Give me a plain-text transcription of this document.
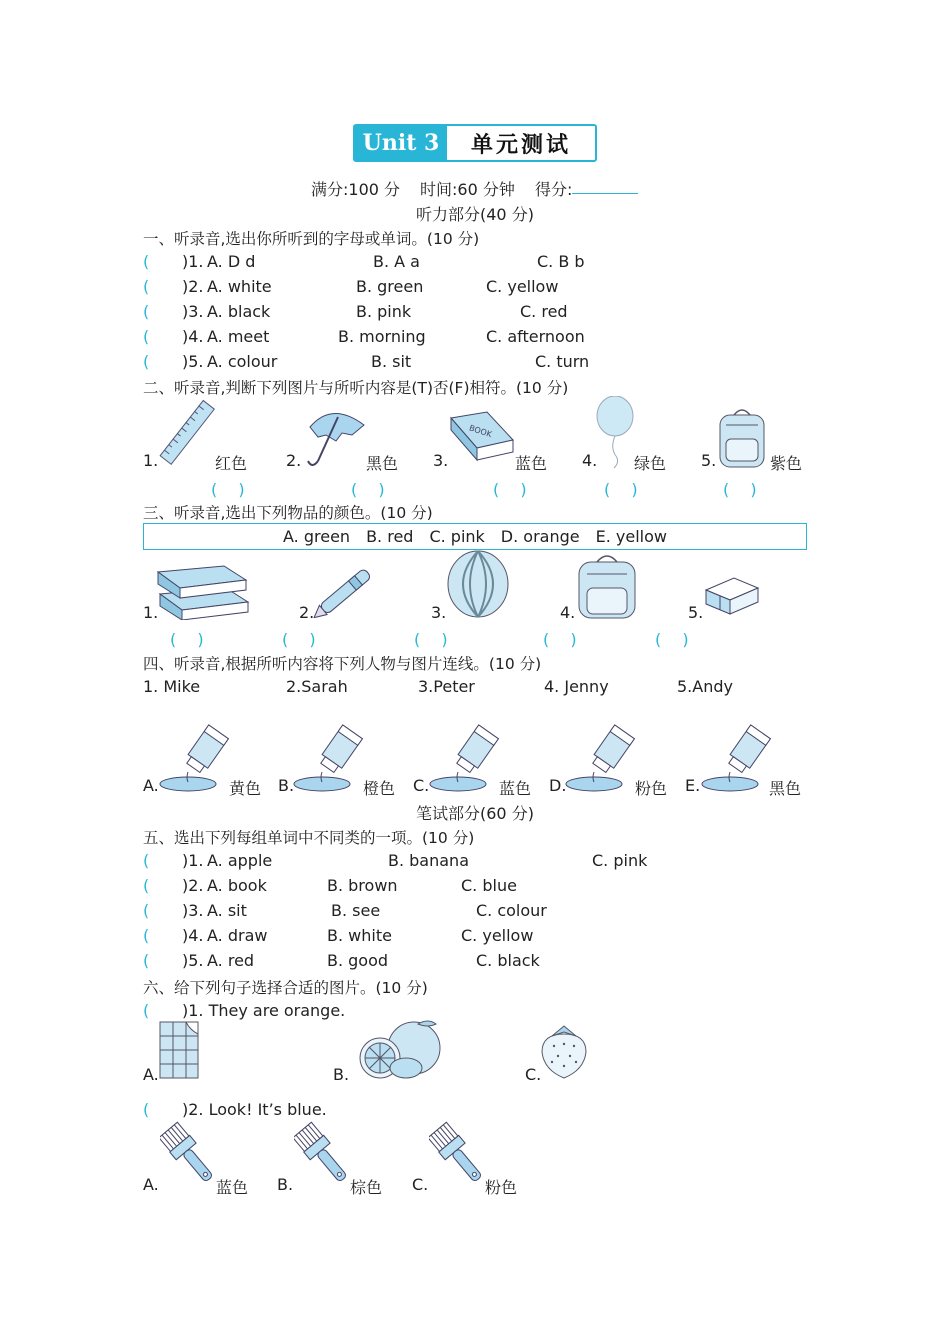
Unit 3	单元测试
满分:100 分 时间:60 分钟 得分:
听力部分(40 分)
一、听录音,选出你所听到的字母或单词。(10 分)
( )1. A. D d	B. A a	C. B b
( )2. A. white	B. green	C. yellow
( )3. A. black	B. pink	C. red
( )4. A. meet	B. morning	C. afternoon
( )5. A. colour	B. sit	C. turn
二、听录音,判断下列图片与所听内容是(T)否(F)相符。(10 分)
1.	红色 2.	黑色 3.
BOOK
蓝色 4. 绿色 5.	紫色
(　 )	(　 )	(　 )	(　 )	(　 )
三、听录音,选出下列物品的颜色。(10 分)
A. green B. red C. pink D. orange E. yellow
1.	2.	3.	4.	5.
(　 )	(　 )	(　 )	(　 )	(　 )
四、听录音,根据所听内容将下列人物与图片连线。(10 分)
1. Mike	2.Sarah	3.Peter	4. Jenny	5.Andy
A.	黄色 B.	橙色 C.	蓝色 D.	粉色 E.	黑色
笔试部分(60 分)
五、选出下列每组单词中不同类的一项。(10 分)
( )1. A. apple	B. banana	C. pink
( )2. A. book	B. brown	C. blue
( )3. A. sit	B. see	C. colour
( )4. A. draw	B. white	C. yellow
( )5. A. red	B. good	C. black
六、给下列句子选择合适的图片。(10 分)
( )1. They are orange.
A.	B.	C.
( )2. Look! It’s blue.
A.	蓝色 B.	棕色 C.	粉色
